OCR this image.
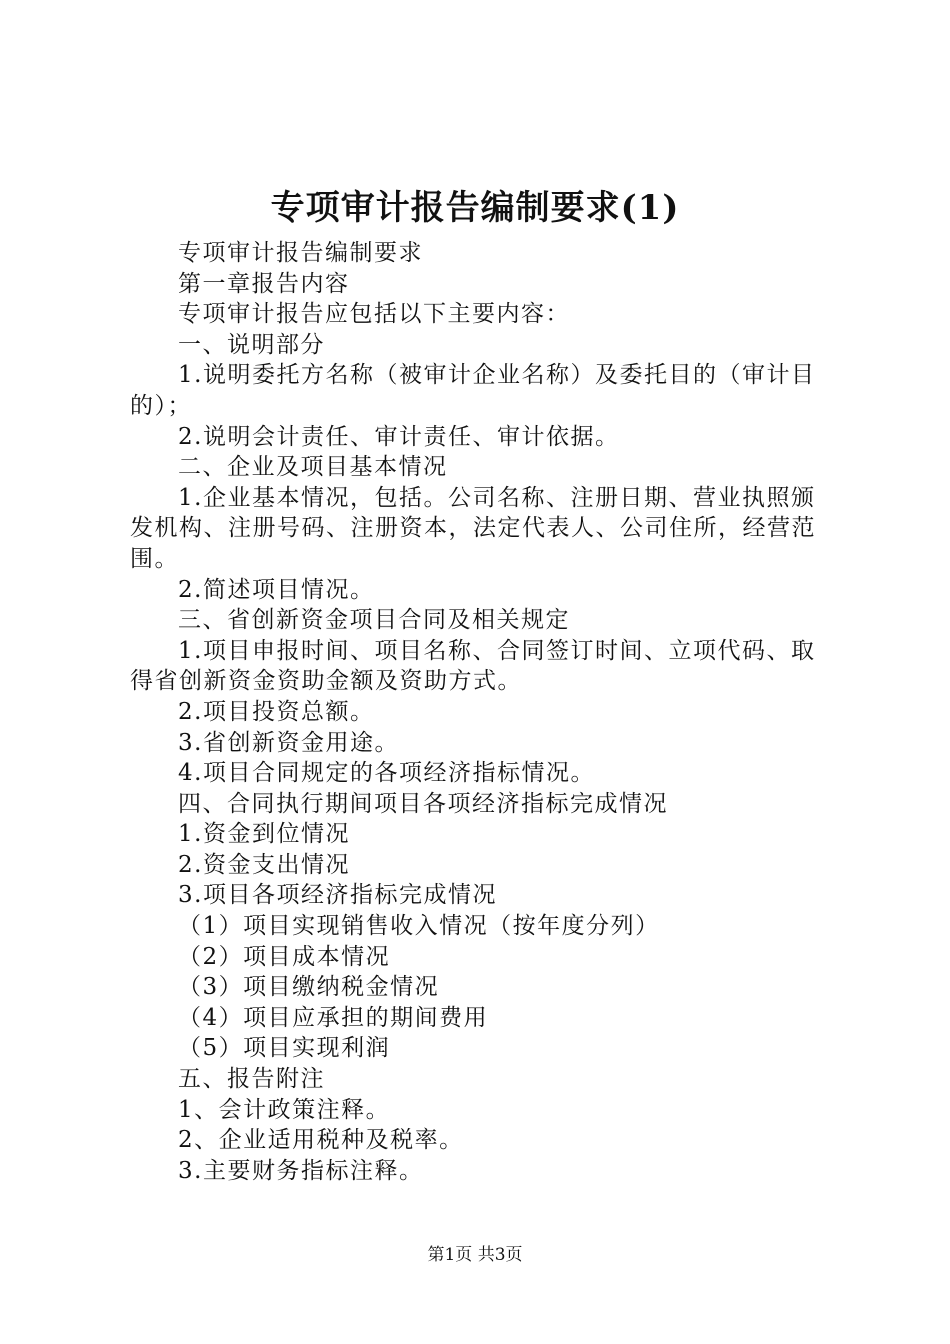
专项审计报告编制要求(1)

专项审计报告编制要求

第一章报告内容

专项审计报告应包括以下主要内容：

一、说明部分

1.说明委托方名称（被审计企业名称）及委托目的（审计目的）；

2.说明会计责任、审计责任、审计依据。

二、企业及项目基本情况

1.企业基本情况，包括。公司名称、注册日期、营业执照颁发机构、注册号码、注册资本，法定代表人、公司住所，经营范围。

2.简述项目情况。

三、省创新资金项目合同及相关规定

1.项目申报时间、项目名称、合同签订时间、立项代码、取得省创新资金资助金额及资助方式。

2.项目投资总额。

3.省创新资金用途。

4.项目合同规定的各项经济指标情况。

四、合同执行期间项目各项经济指标完成情况

1.资金到位情况

2.资金支出情况

3.项目各项经济指标完成情况

（1）项目实现销售收入情况（按年度分列）

（2）项目成本情况

（3）项目缴纳税金情况

（4）项目应承担的期间费用

（5）项目实现利润

五、报告附注

1、会计政策注释。

2、企业适用税种及税率。

3.主要财务指标注释。

第1页 共3页
